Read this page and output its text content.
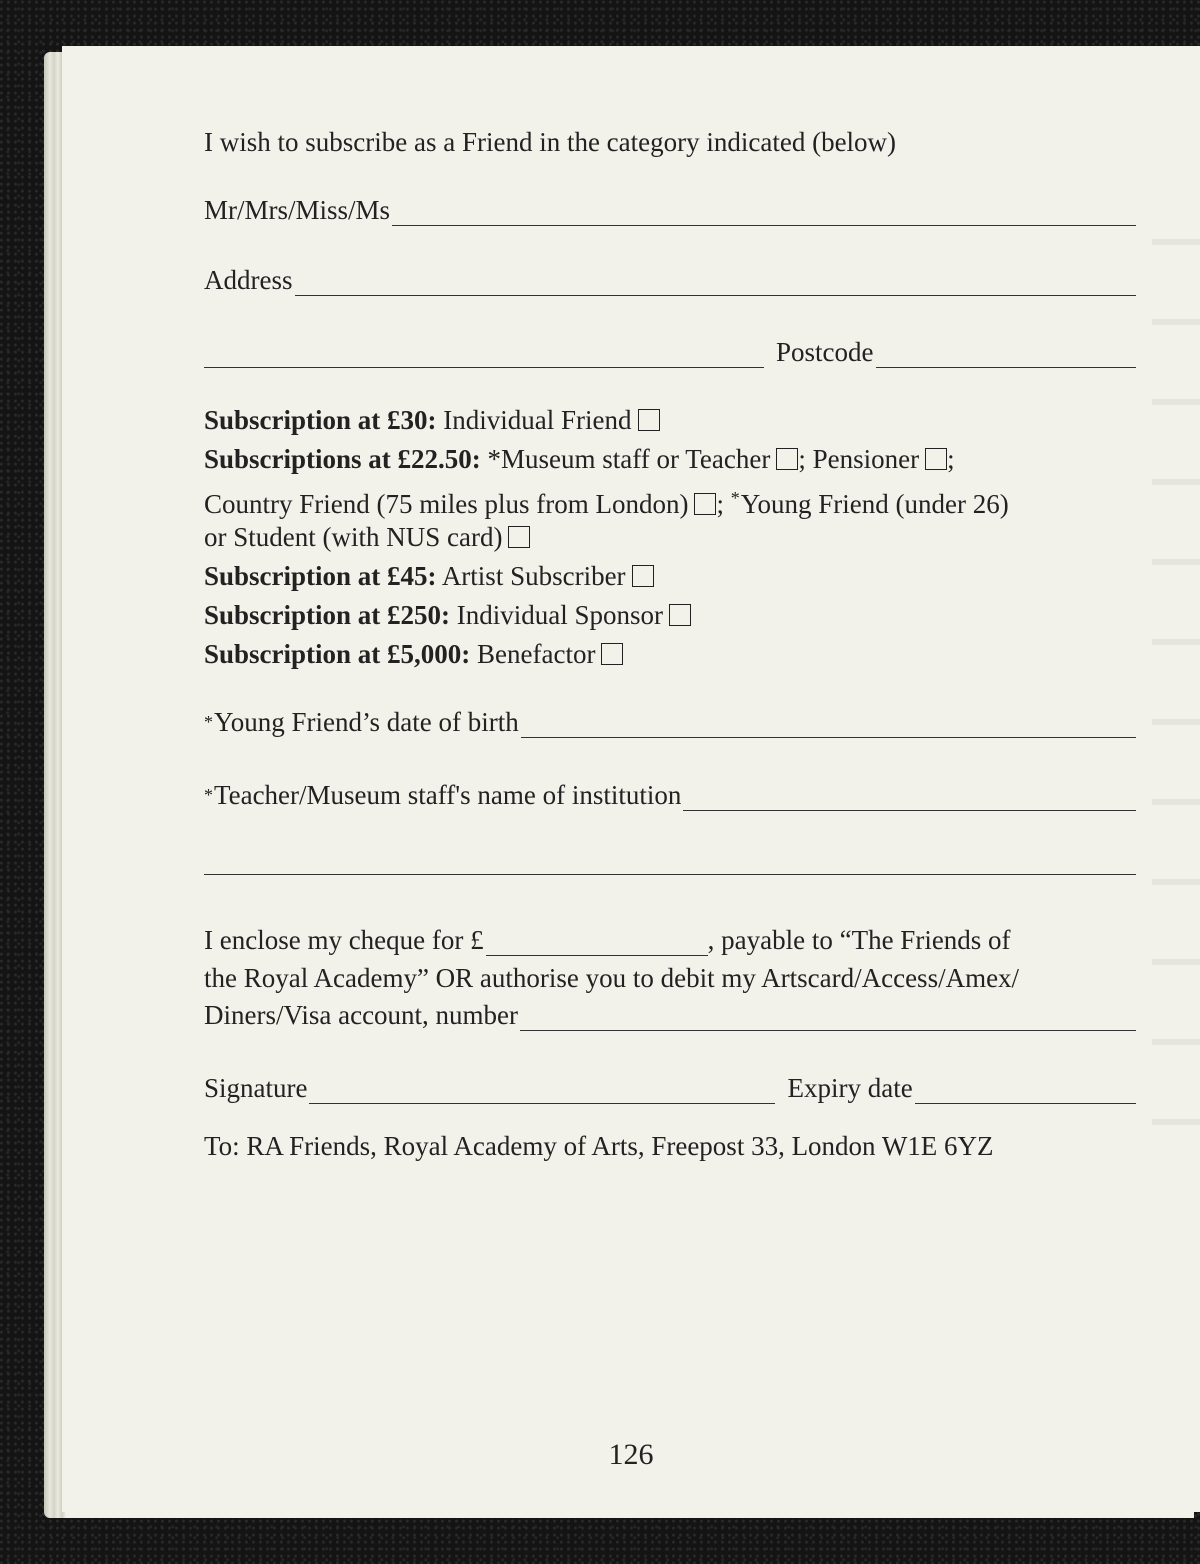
I wish to subscribe as a Friend in the category indicated (below)
Mr/Mrs/Miss/Ms
Address
Postcode
Subscription at £30: Individual Friend
Subscriptions at £22.50: *Museum staff or Teacher ; Pensioner ;
Country Friend (75 miles plus from London) ; *Young Friend (under 26)
or Student (with NUS card)
Subscription at £45: Artist Subscriber
Subscription at £250: Individual Sponsor
Subscription at £5,000: Benefactor
* Young Friend’s date of birth
* Teacher/Museum staff's name of institution
I enclose my cheque for £	, payable to “The Friends of
the Royal Academy” OR authorise you to debit my Artscard/Access/Amex/
Diners/Visa account, number
Signature	Expiry date
To: RA Friends, Royal Academy of Arts, Freepost 33, London W1E 6YZ
126
